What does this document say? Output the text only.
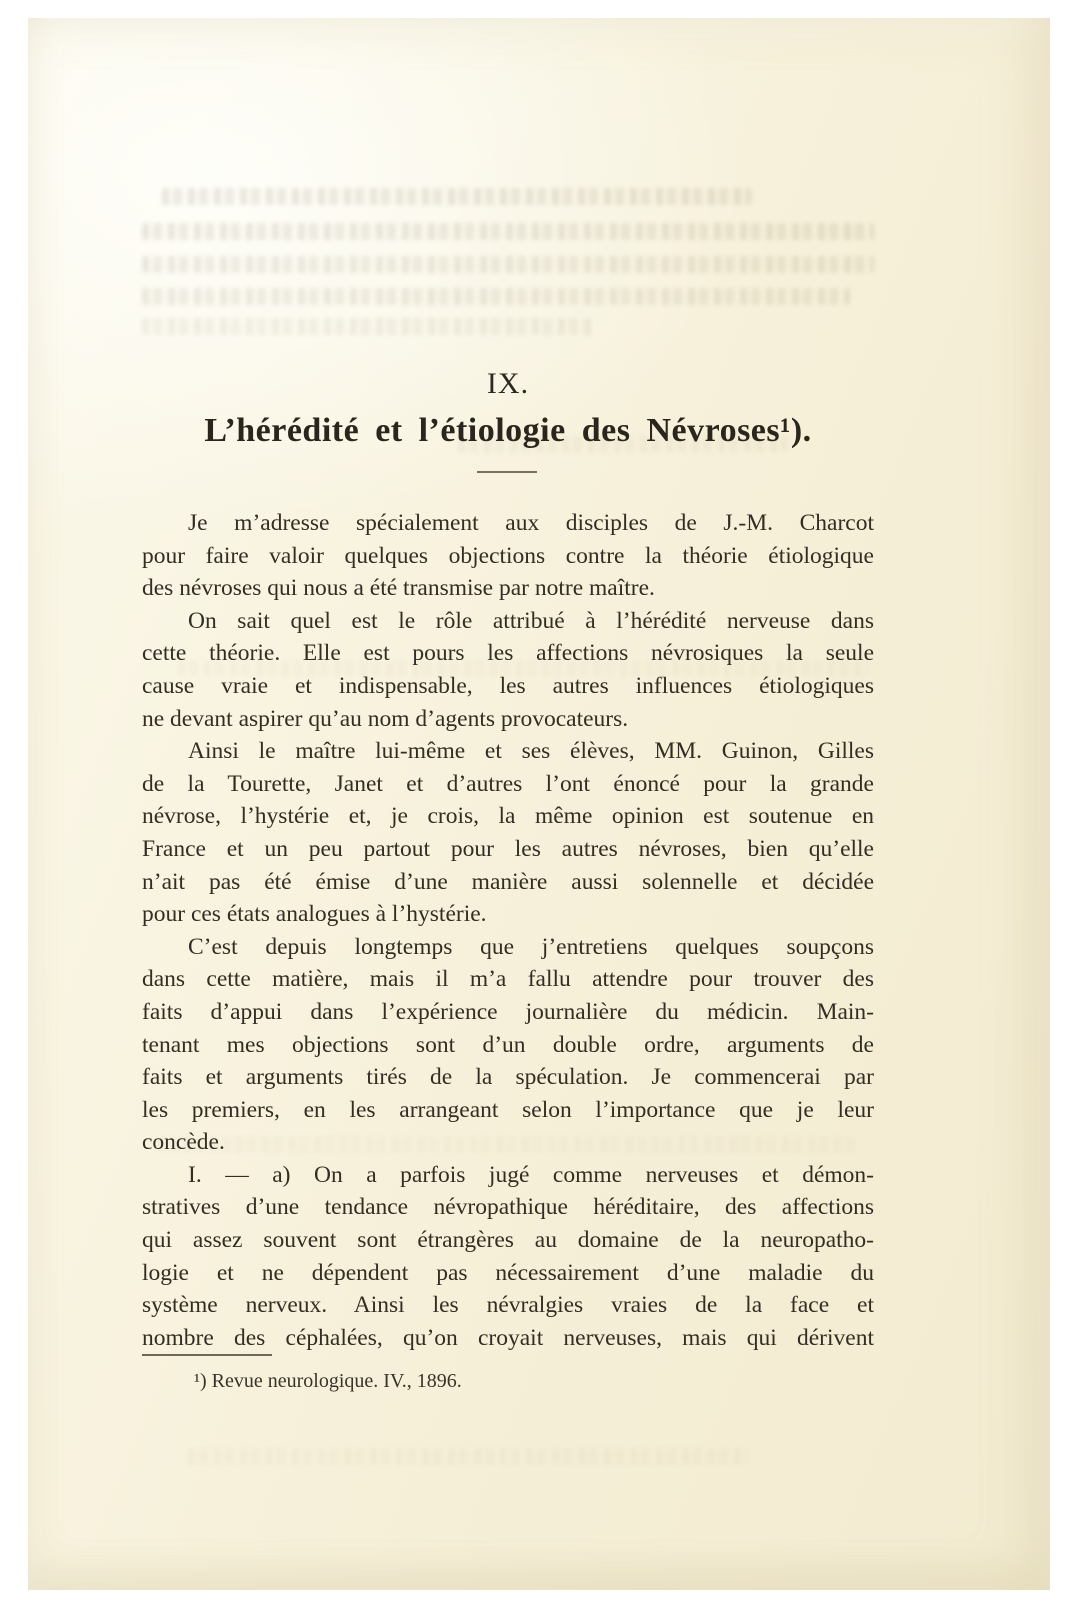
IX.
L’hérédité et l’étiologie des Névroses¹).
Je m’adresse spécialement aux disciples de J.-M. Charcot
pour faire valoir quelques objections contre la théorie étiologique
des névroses qui nous a été transmise par notre maître.
On sait quel est le rôle attribué à l’hérédité nerveuse dans
cette théorie. Elle est pours les affections névrosiques la seule
cause vraie et indispensable, les autres influences étiologiques
ne devant aspirer qu’au nom d’agents provocateurs.
Ainsi le maître lui-même et ses élèves, MM. Guinon, Gilles
de la Tourette, Janet et d’autres l’ont énoncé pour la grande
névrose, l’hystérie et, je crois, la même opinion est soutenue en
France et un peu partout pour les autres névroses, bien qu’elle
n’ait pas été émise d’une manière aussi solennelle et décidée
pour ces états analogues à l’hystérie.
C’est depuis longtemps que j’entretiens quelques soupçons
dans cette matière, mais il m’a fallu attendre pour trouver des
faits d’appui dans l’expérience journalière du médicin. Main-
tenant mes objections sont d’un double ordre, arguments de
faits et arguments tirés de la spéculation. Je commencerai par
les premiers, en les arrangeant selon l’importance que je leur
concède.
I. — a) On a parfois jugé comme nerveuses et démon-
stratives d’une tendance névropathique héréditaire, des affections
qui assez souvent sont étrangères au domaine de la neuropatho-
logie et ne dépendent pas nécessairement d’une maladie du
système nerveux. Ainsi les névralgies vraies de la face et
nombre des céphalées, qu’on croyait nerveuses, mais qui dérivent
¹) Revue neurologique. IV., 1896.
